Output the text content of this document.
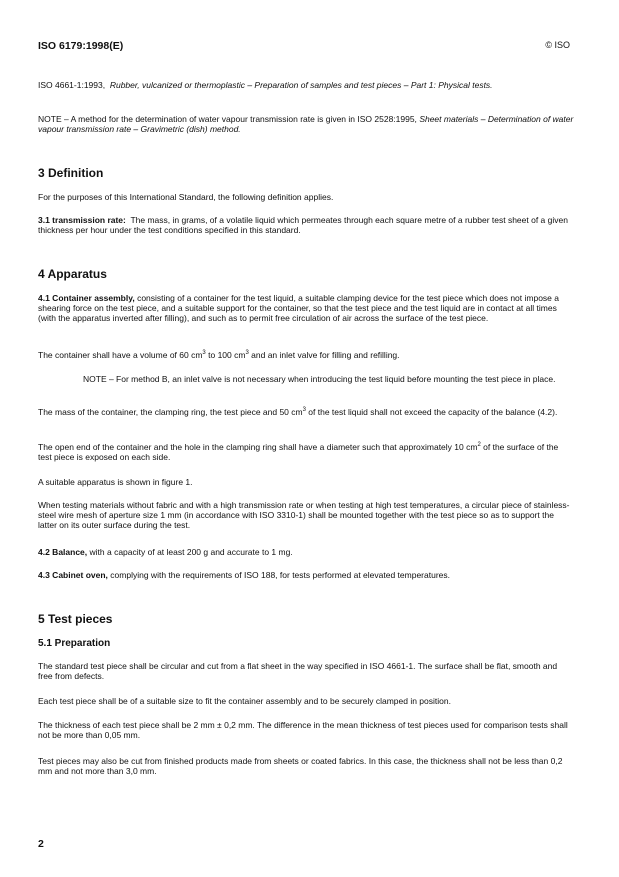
ISO 6179:1998(E)	© ISO

ISO 4661-1:1993, Rubber, vulcanized or thermoplastic – Preparation of samples and test pieces – Part 1: Physical tests.

NOTE – A method for the determination of water vapour transmission rate is given in ISO 2528:1995, Sheet materials – Determination of water vapour transmission rate – Gravimetric (dish) method.

3 Definition

For the purposes of this International Standard, the following definition applies.

3.1 transmission rate: The mass, in grams, of a volatile liquid which permeates through each square metre of a rubber test sheet of a given thickness per hour under the test conditions specified in this standard.

4 Apparatus

4.1 Container assembly, consisting of a container for the test liquid, a suitable clamping device for the test piece which does not impose a shearing force on the test piece, and a suitable support for the container, so that the test piece and the test liquid are in contact at all times (with the apparatus inverted after filling), and such as to permit free circulation of air across the surface of the test piece.

The container shall have a volume of 60 $cm^3$ to 100 $cm^3$ and an inlet valve for filling and refilling.

NOTE – For method B, an inlet valve is not necessary when introducing the test liquid before mounting the test piece in place.

The mass of the container, the clamping ring, the test piece and 50 $cm^3$ of the test liquid shall not exceed the capacity of the balance (4.2).

The open end of the container and the hole in the clamping ring shall have a diameter such that approximately 10 $cm^2$ of the surface of the test piece is exposed on each side.

A suitable apparatus is shown in figure 1.

When testing materials without fabric and with a high transmission rate or when testing at high test temperatures, a circular piece of stainless-steel wire mesh of aperture size 1 mm (in accordance with ISO 3310-1) shall be mounted together with the test piece so as to support the latter on its outer surface during the test.

4.2 Balance, with a capacity of at least 200 g and accurate to 1 mg.

4.3 Cabinet oven, complying with the requirements of ISO 188, for tests performed at elevated temperatures.

5 Test pieces
5.1 Preparation

The standard test piece shall be circular and cut from a flat sheet in the way specified in ISO 4661-1. The surface shall be flat, smooth and free from defects.

Each test piece shall be of a suitable size to fit the container assembly and to be securely clamped in position.

The thickness of each test piece shall be 2 mm ± 0,2 mm. The difference in the mean thickness of test pieces used for comparison tests shall not be more than 0,05 mm.

Test pieces may also be cut from finished products made from sheets or coated fabrics. In this case, the thickness shall not be less than 0,2 mm and not more than 3,0 mm.

2
